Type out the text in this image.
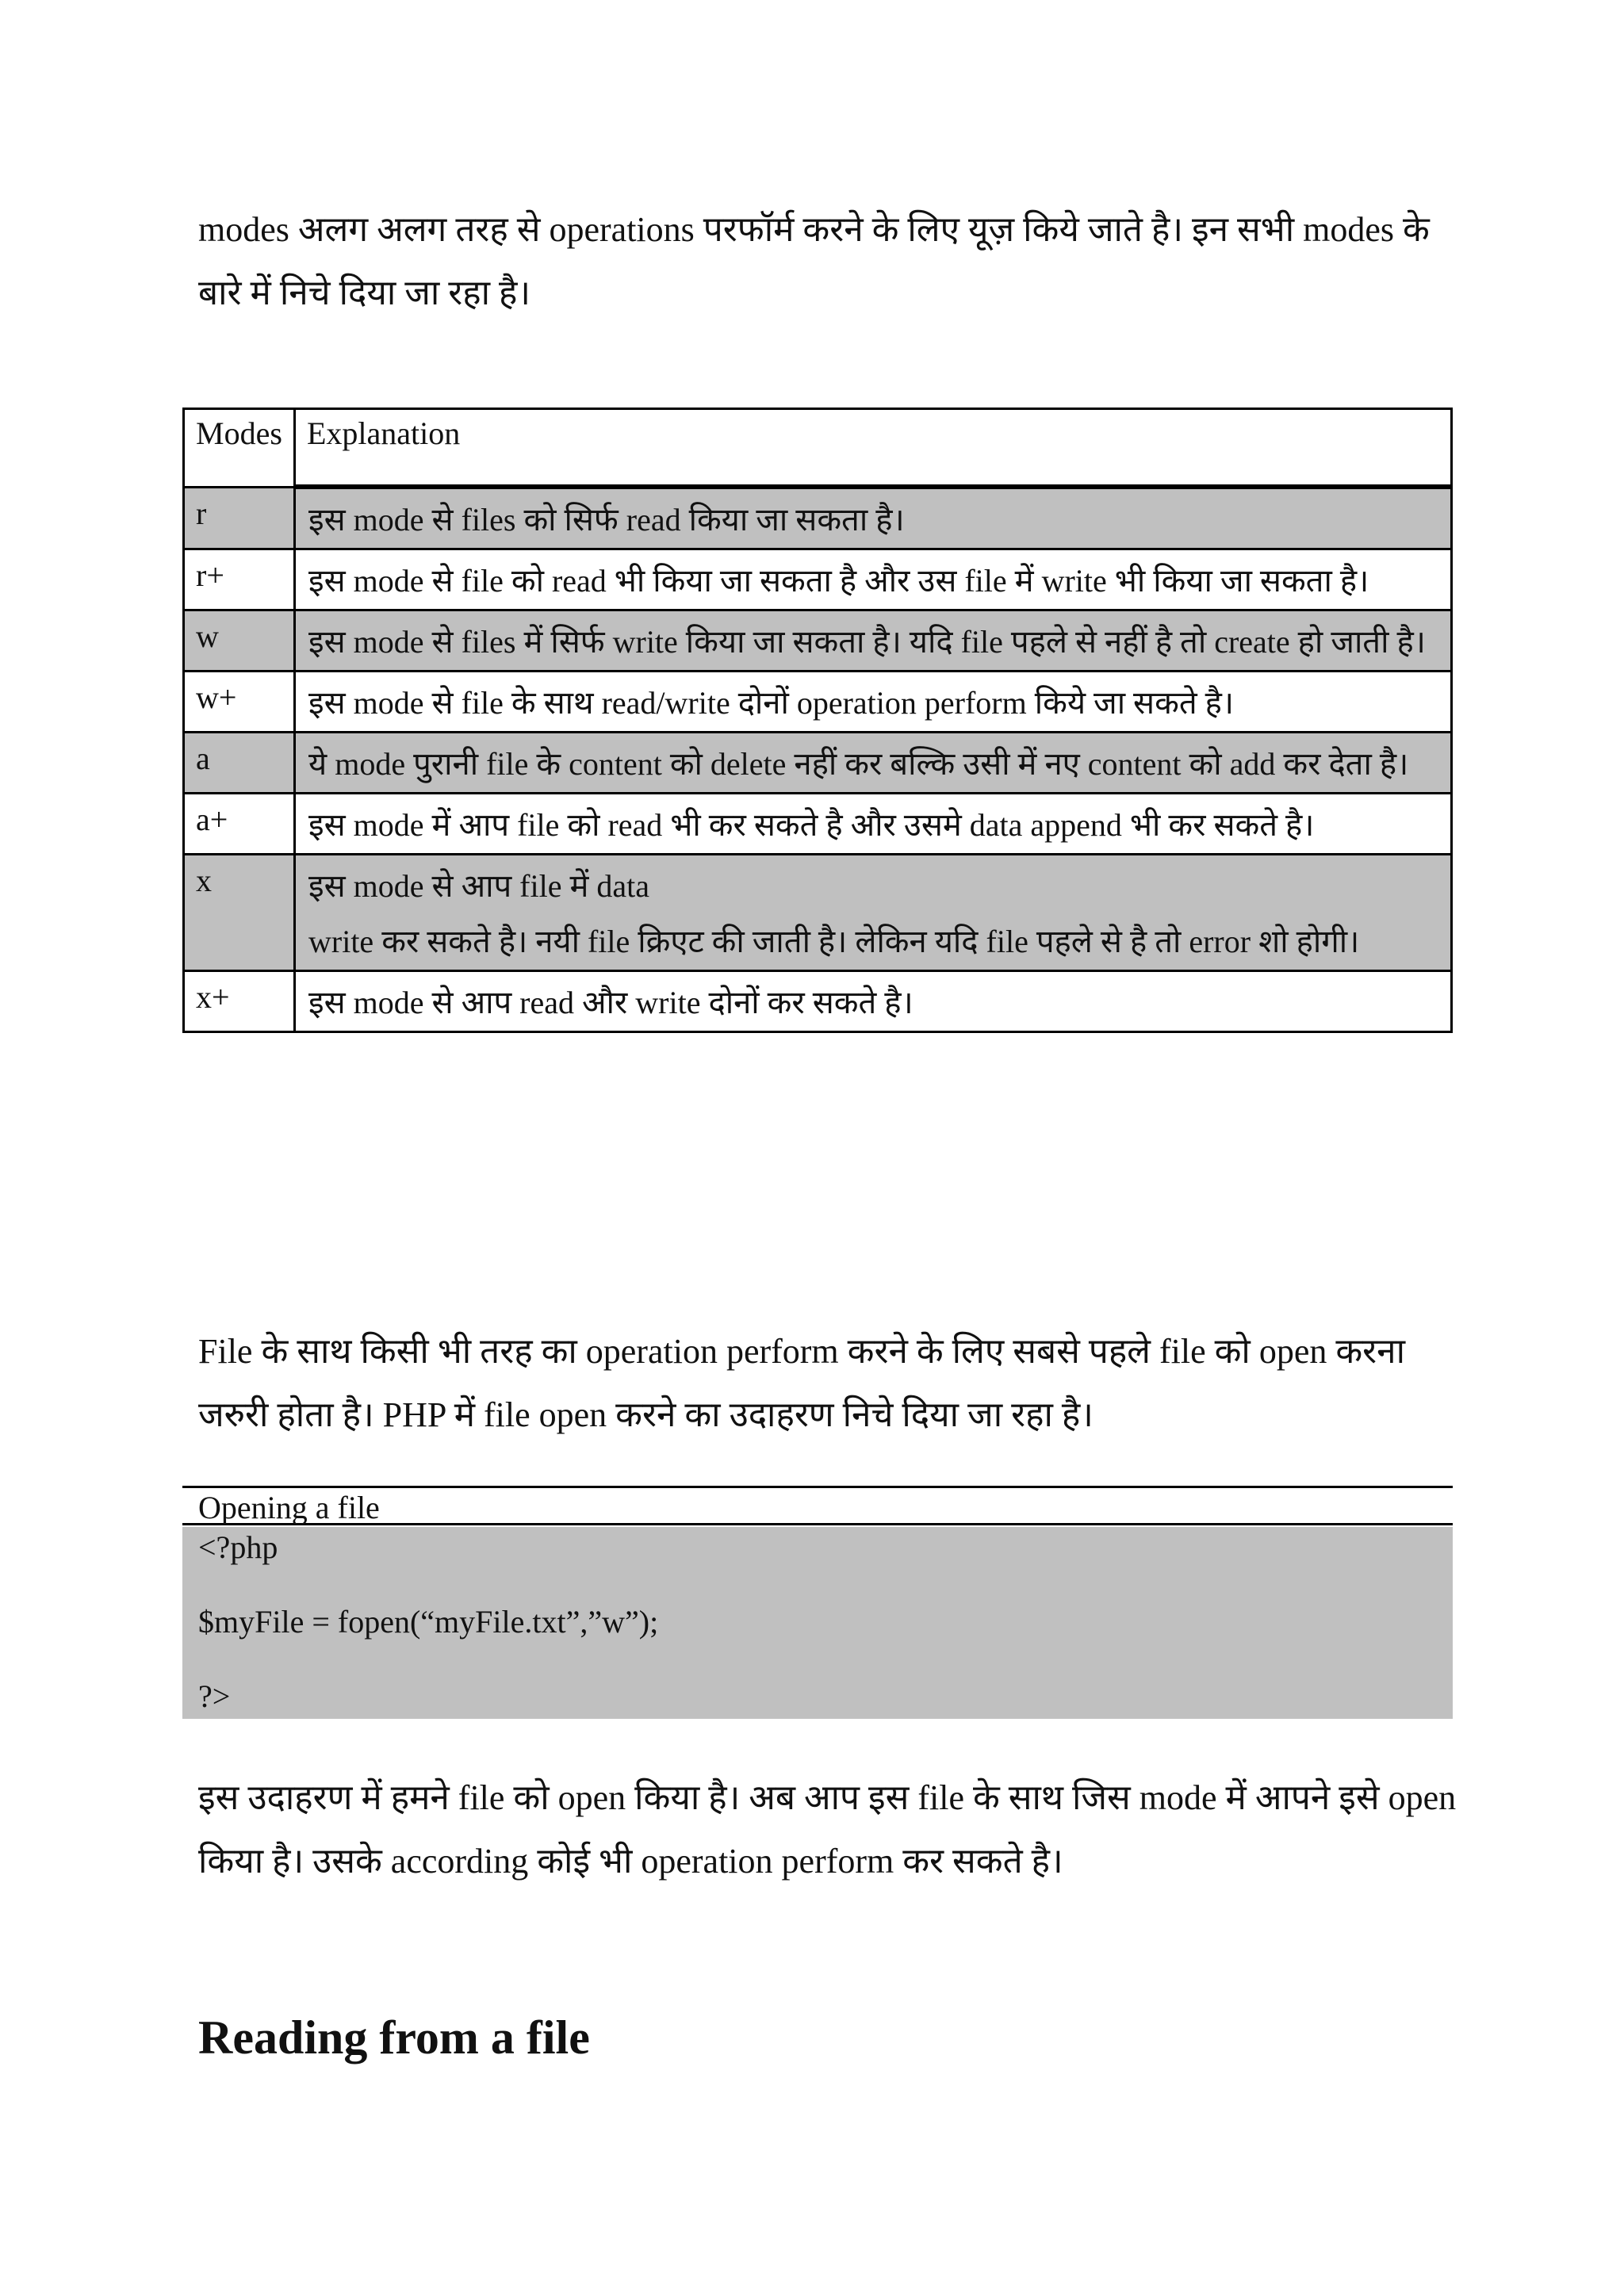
modes अलग अलग तरह से operations परफॉर्म करने के लिए यूज़ किये जाते है। इन सभी modes के बारे में निचे दिया जा रहा है।

Modes	Explanation
r	इस mode से files को सिर्फ read किया जा सकता है।
r+	इस mode से file को read भी किया जा सकता है और उस file में write भी किया जा सकता है।
w	इस mode से files में सिर्फ write किया जा सकता है। यदि file पहले से नहीं है तो create हो जाती है।
w+	इस mode से file के साथ read/write दोनों operation perform किये जा सकते है।
a	ये mode पुरानी file के content को delete नहीं कर बल्कि उसी में नए content को add कर देता है।
a+	इस mode में आप file को read भी कर सकते है और उसमे data append भी कर सकते है।
x	इस mode से आप file में data
write कर सकते है। नयी file क्रिएट की जाती है। लेकिन यदि file पहले से है तो error शो होगी।

x+	इस mode से आप read और write दोनों कर सकते है।

File के साथ किसी भी तरह का operation perform करने के लिए सबसे पहले file को open करना जरुरी होता है। PHP में file open करने का उदाहरण निचे दिया जा रहा है।

Opening a file
<?php
$myFile = fopen(“myFile.txt”,”w”);
?>

इस उदाहरण में हमने file को open किया है। अब आप इस file के साथ जिस mode में आपने इसे open किया है। उसके according कोई भी operation perform कर सकते है।

Reading from a file
